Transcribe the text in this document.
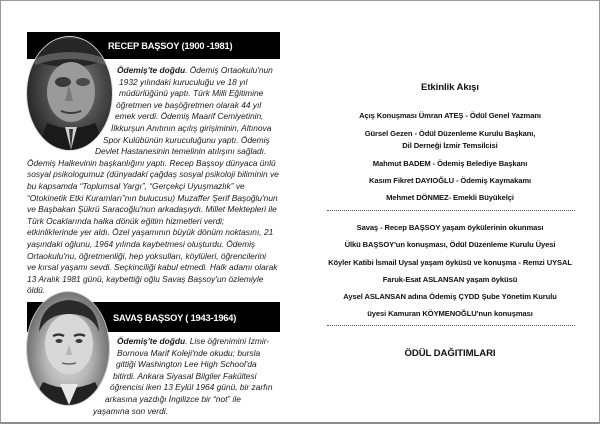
RECEP BAŞSOY (1900 -1981)
Ödemiş'te doğdu. Ödemiş Ortaokulu'nun
1932 yılındaki kuruculuğu ve 18 yıl
müdürlüğünü yaptı. Türk Milli Eğitimine
öğretmen ve başöğretmen olarak 44 yıl
emek verdi. Ödemiş Maarif Cemiyetinin,
İlkkurşun Anıtının açılış girişiminin, Altınova
Spor Kulübünün kuruculuğunu yaptı. Ödemiş
Devlet Hastanesinin temelinin atılışını sağladı.
Ödemiş Halkevinin başkanlığını yaptı. Recep Başsoy dünyaca ünlü
sosyal psikologumuz (dünyadaki çağdaş sosyal psikoloji biliminin ve
bu kapsamda “Toplumsal Yargı”, “Gerçekçi Uyuşmazlık” ve
“Otokinetik Etki Kuramları”nın bulucusu) Muzaffer Şerif Başoğlu'nun
ve Başbakan Şükrü Saracoğlu'nun arkadaşıydı. Millet Mektepleri ile
Türk Ocaklarında halka dönük eğitim hizmetleri verdi;
etkinliklerinde yer aldı. Özel yaşamının büyük dönüm noktasını, 21
yaşındaki oğlunu, 1964 yılında kaybetmesi oluşturdu. Ödemiş
Ortaokulu'nu, öğretmenliği, hep yoksulları, köylüleri, öğrencilerini
ve kırsal yaşamı sevdi. Seçkinciliği kabul etmedi. Halk adamı olarak
13 Aralık 1981 günü, kaybettiği oğlu Savaş Başsoy'un özlemiyle
öldü.
SAVAŞ BAŞSOY ( 1943-1964)
Ödemiş'te doğdu. Lise öğrenimini İzmir-
Bornova Marif Koleji'nde okudu; bursla
gittiği Washington Lee High School'da
bitirdi. Ankara Siyasal Bilgiler Fakültesi
öğrencisi iken 13 Eylül 1964 günü, bir zarfın
arkasına yazdığı İngilizce bir “not” ile
yaşamına son verdi.
Etkinlik Akışı
Açış Konuşması Ümran ATEŞ - Ödül Genel Yazmanı
Gürsel Gezen - Ödül Düzenleme Kurulu Başkanı,
Dil Derneği İzmir Temsilcisi
Mahmut BADEM - Ödemiş Belediye Başkanı
Kasım Fikret DAYIOĞLU - Ödemiş Kaymakamı
Mehmet DÖNMEZ- Emekli Büyükelçi
Savaş - Recep BAŞSOY yaşam öykülerinin okunması
Ülkü BAŞSOY'un konuşması, Ödül Düzenleme Kurulu Üyesi
Köyler Katibi İsmail Uysal yaşam öyküsü ve konuşma - Remzi UYSAL
Faruk-Esat ASLANSAN yaşam öyküsü
Aysel ASLANSAN adına Ödemiş ÇYDD Şube Yönetim Kurulu
üyesi Kamuran KÖYMENOĞLU'nun konuşması
ÖDÜL DAĞITIMLARI
